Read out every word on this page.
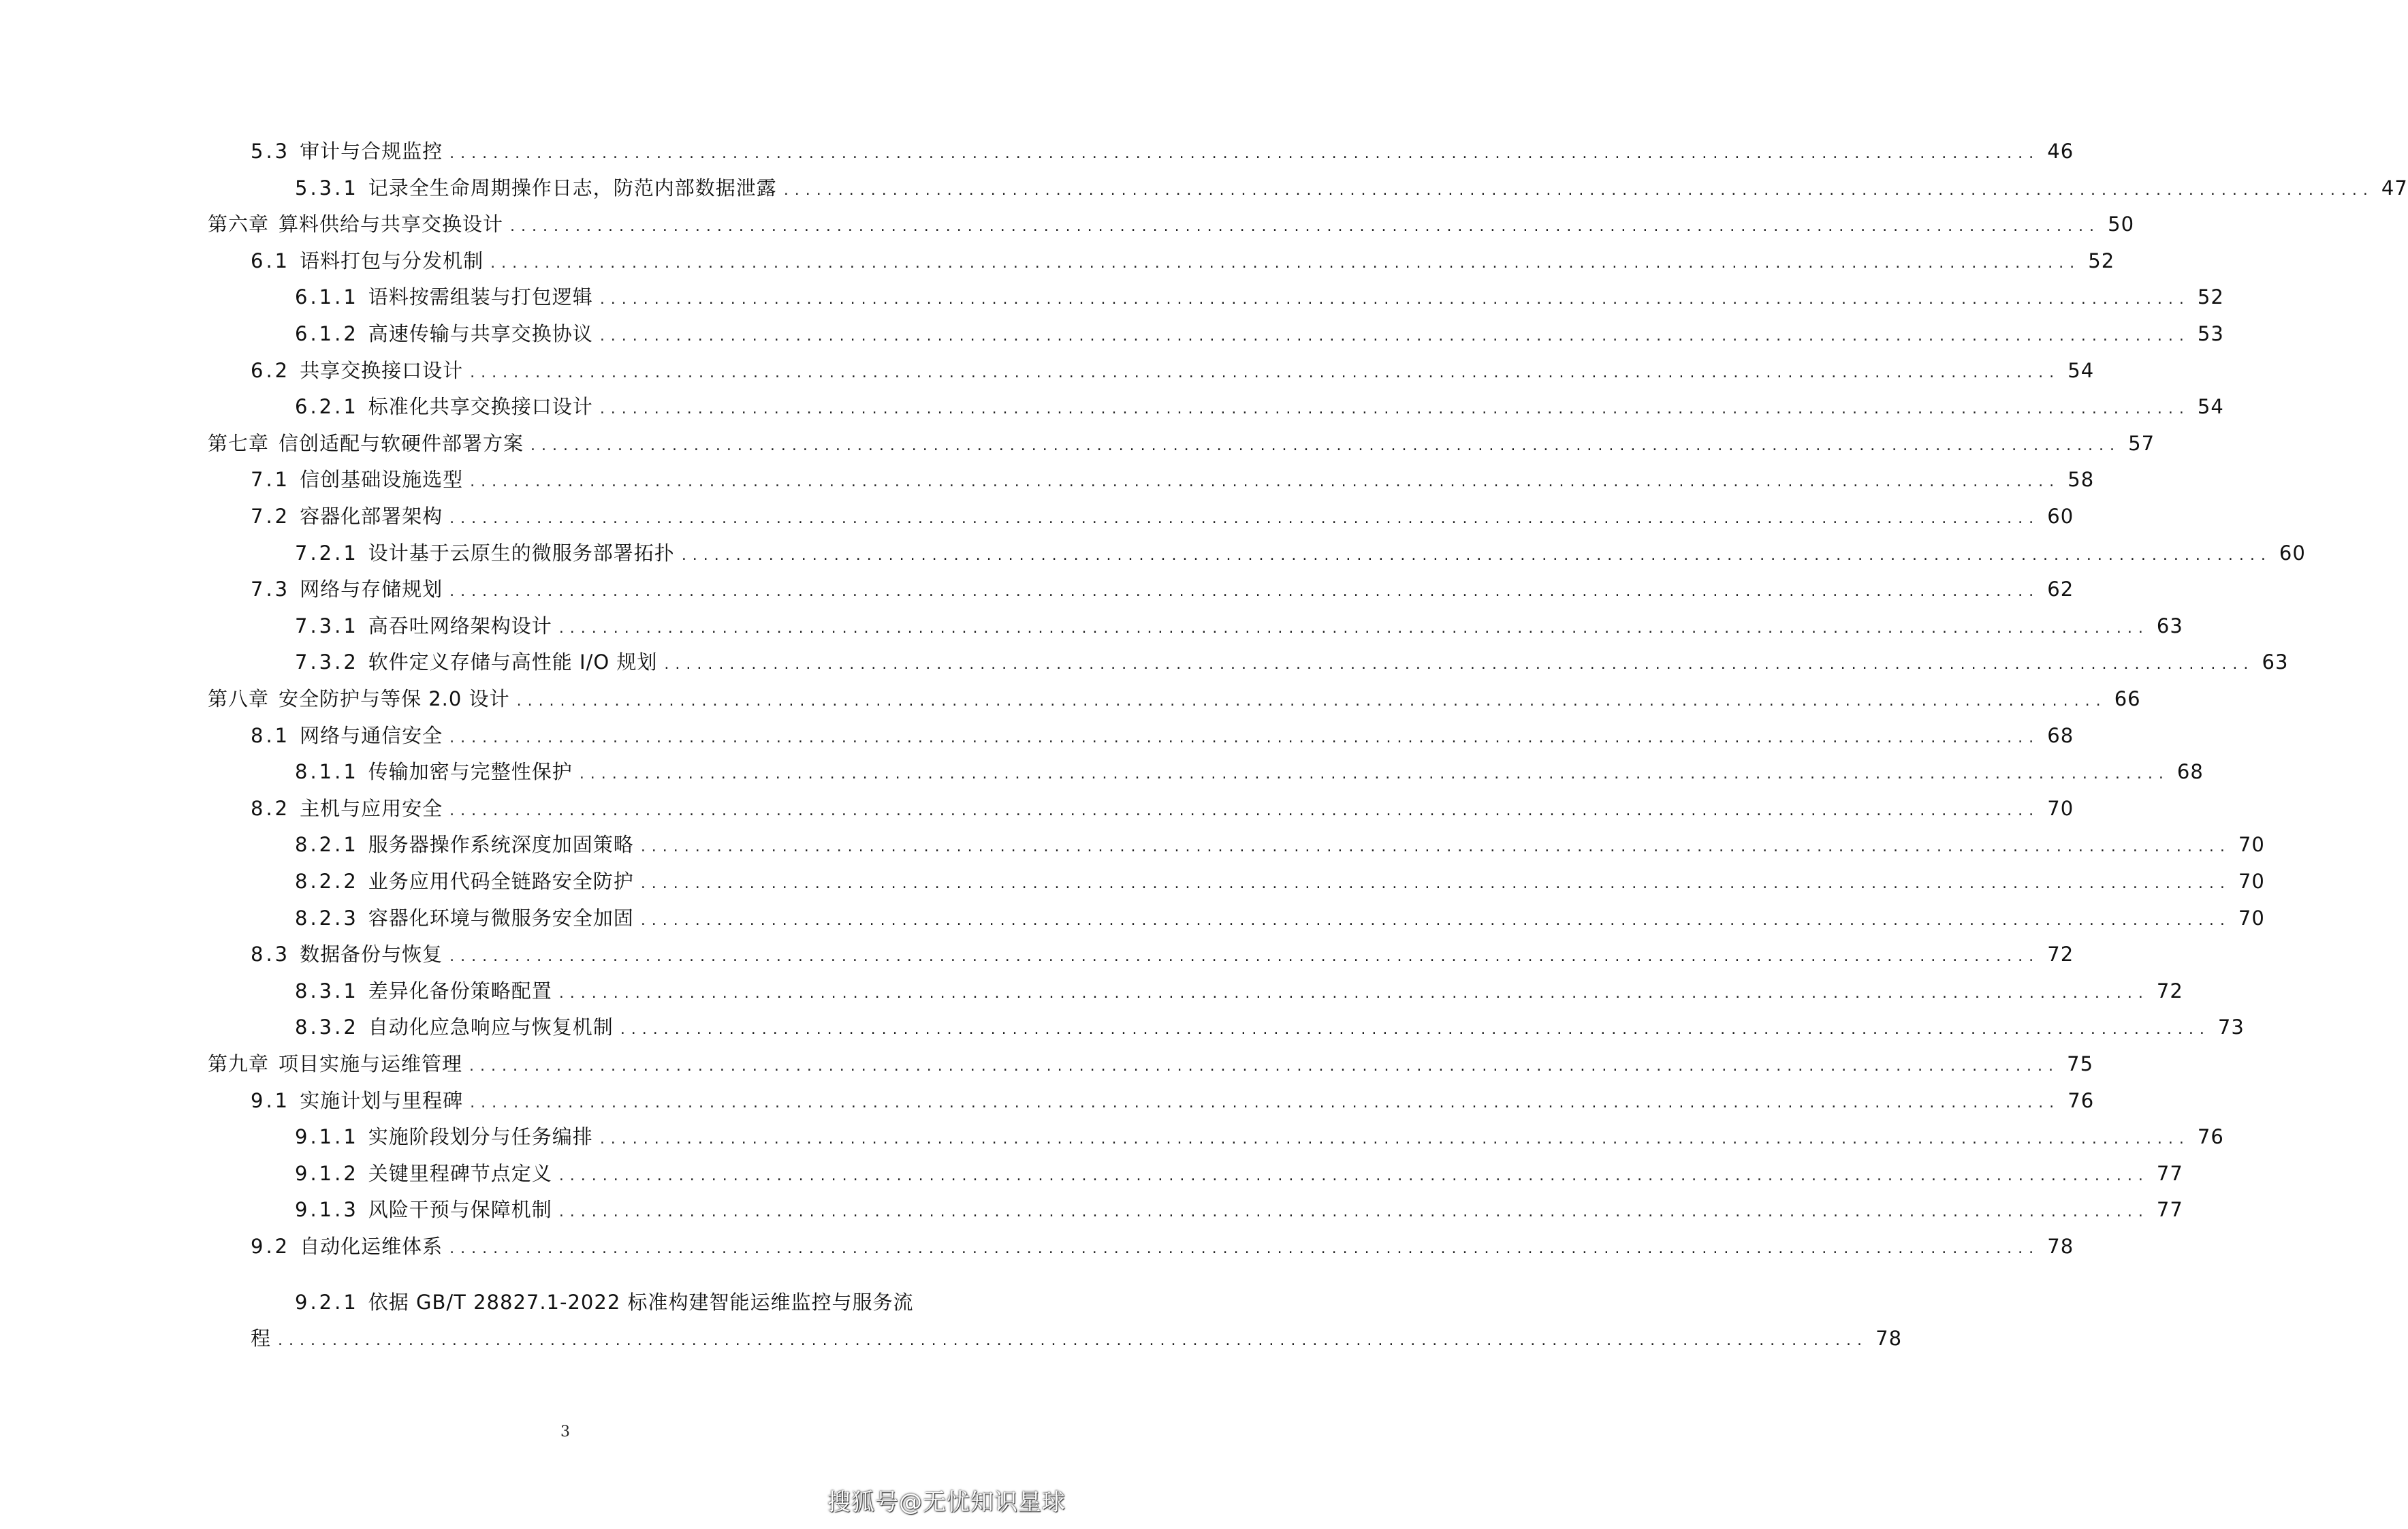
5.3 审计与合规监控 .................................................................................................................................................. 46
5.3.1 记录全生命周期操作日志，防范内部数据泄露 .................................................................................................................................................. 47
第六章 算料供给与共享交换设计 .................................................................................................................................................. 50
6.1 语料打包与分发机制 .................................................................................................................................................. 52
6.1.1 语料按需组装与打包逻辑 .................................................................................................................................................. 52
6.1.2 高速传输与共享交换协议 .................................................................................................................................................. 53
6.2 共享交换接口设计 .................................................................................................................................................. 54
6.2.1 标准化共享交换接口设计 .................................................................................................................................................. 54
第七章 信创适配与软硬件部署方案 .................................................................................................................................................. 57
7.1 信创基础设施选型 .................................................................................................................................................. 58
7.2 容器化部署架构 .................................................................................................................................................. 60
7.2.1 设计基于云原生的微服务部署拓扑 .................................................................................................................................................. 60
7.3 网络与存储规划 .................................................................................................................................................. 62
7.3.1 高吞吐网络架构设计 .................................................................................................................................................. 63
7.3.2 软件定义存储与高性能 I/O 规划 .................................................................................................................................................. 63
第八章 安全防护与等保 2.0 设计 .................................................................................................................................................. 66
8.1 网络与通信安全 .................................................................................................................................................. 68
8.1.1 传输加密与完整性保护 .................................................................................................................................................. 68
8.2 主机与应用安全 .................................................................................................................................................. 70
8.2.1 服务器操作系统深度加固策略 .................................................................................................................................................. 70
8.2.2 业务应用代码全链路安全防护 .................................................................................................................................................. 70
8.2.3 容器化环境与微服务安全加固 .................................................................................................................................................. 70
8.3 数据备份与恢复 .................................................................................................................................................. 72
8.3.1 差异化备份策略配置 .................................................................................................................................................. 72
8.3.2 自动化应急响应与恢复机制 .................................................................................................................................................. 73
第九章 项目实施与运维管理 .................................................................................................................................................. 75
9.1 实施计划与里程碑 .................................................................................................................................................. 76
9.1.1 实施阶段划分与任务编排 .................................................................................................................................................. 76
9.1.2 关键里程碑节点定义 .................................................................................................................................................. 77
9.1.3 风险干预与保障机制 .................................................................................................................................................. 77
9.2 自动化运维体系 .................................................................................................................................................. 78
9.2.1 依据 GB/T 28827.1-2022 标准构建智能运维监控与服务流
程 .................................................................................................................................................. 78
3
搜狐号@无忧知识星球
